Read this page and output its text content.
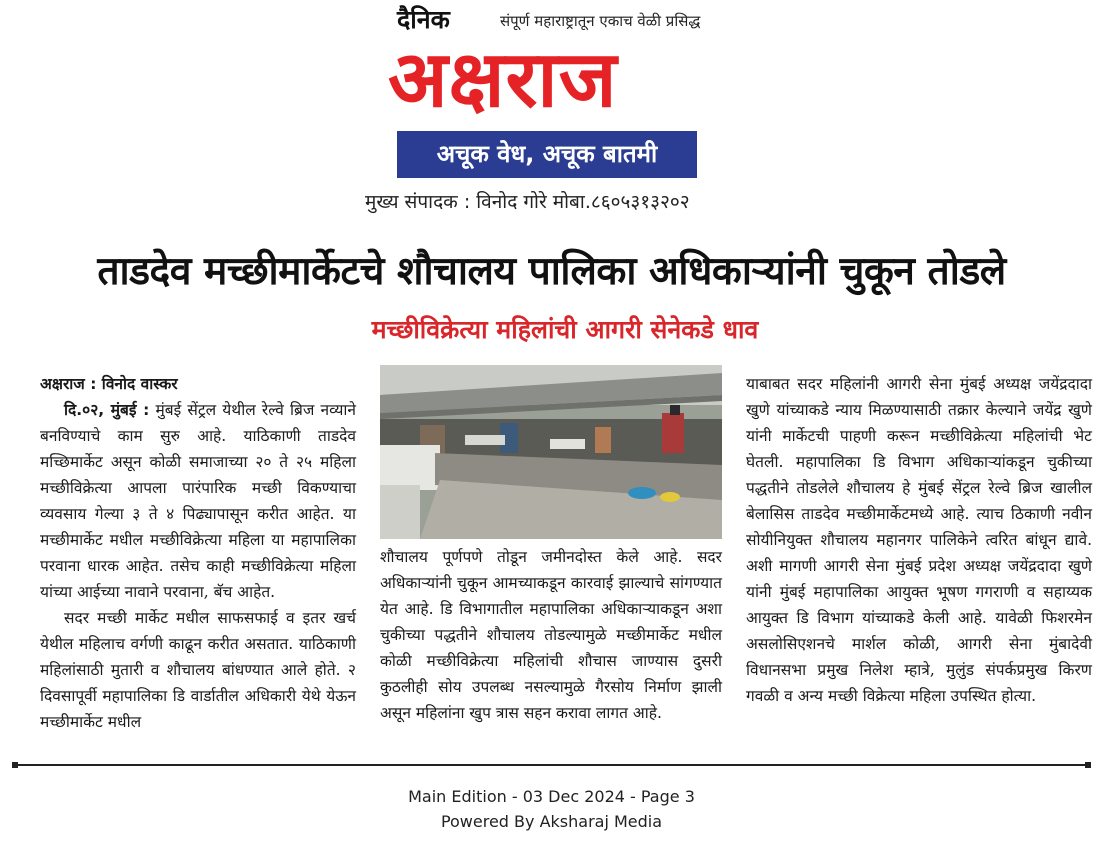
दैनिक	संपूर्ण महाराष्ट्रातून एकाच वेळी प्रसिद्ध
अक्षराज
अचूक वेध, अचूक बातमी
मुख्य संपादक : विनोद गोरे मोबा.८६०५३१३२०२
ताडदेव मच्छीमार्केटचे शौचालय पालिका अधिकाऱ्यांनी चुकून तोडले
मच्छीविक्रेत्या महिलांची आगरी सेनेकडे धाव

अक्षराज : विनोद वास्कर

दि.०२, मुंबई : मुंबई सेंट्रल येथील रेल्वे ब्रिज नव्याने बनविण्याचे काम सुरु आहे. याठिकाणी ताडदेव मच्छिमार्केट असून कोळी समाजाच्या २० ते २५ महिला मच्छीविक्रेत्या आपला पारंपारिक मच्छी विकण्याचा व्यवसाय गेल्या ३ ते ४ पिढ्यापासून करीत आहेत. या मच्छीमार्केट मधील मच्छीविक्रेत्या महिला या महापालिका परवाना धारक आहेत. तसेच काही मच्छीविक्रेत्या महिला यांच्या आईच्या नावाने परवाना, बॅच आहेत.

सदर मच्छी मार्केट मधील साफसफाई व इतर खर्च येथील महिलाच वर्गणी काढून करीत असतात. याठिकाणी महिलांसाठी मुतारी व शौचालय बांधण्यात आले होते. २ दिवसापूर्वी महापालिका डि वार्डातील अधिकारी येथे येऊन मच्छीमार्केट मधील

शौचालय पूर्णपणे तोडून जमीनदोस्त केले आहे. सदर अधिकाऱ्यांनी चुकून आमच्याकडून कारवाई झाल्याचे सांगण्यात येत आहे. डि विभागातील महापालिका अधिकाऱ्याकडून अशा चुकीच्या पद्धतीने शौचालय तोडल्यामुळे मच्छीमार्केट मधील कोळी मच्छीविक्रेत्या महिलांची शौचास जाण्यास दुसरी कुठलीही सोय उपलब्ध नसल्यामुळे गैरसोय निर्माण झाली असून महिलांना खुप त्रास सहन करावा लागत आहे.

याबाबत सदर महिलांनी आगरी सेना मुंबई अध्यक्ष जयेंद्रदादा खुणे यांच्याकडे न्याय मिळण्यासाठी तक्रार केल्याने जयेंद्र खुणे यांनी मार्केटची पाहणी करून मच्छीविक्रेत्या महिलांची भेट घेतली. महापालिका डि विभाग अधिकाऱ्यांकडून चुकीच्या पद्धतीने तोडलेले शौचालय हे मुंबई सेंट्रल रेल्वे ब्रिज खालील बेलासिस ताडदेव मच्छीमार्केटमध्ये आहे. त्याच ठिकाणी नवीन सोयीनियुक्त शौचालय महानगर पालिकेने त्वरित बांधून द्यावे. अशी मागणी आगरी सेना मुंबई प्रदेश अध्यक्ष जयेंद्रदादा खुणे यांनी मुंबई महापालिका आयुक्त भूषण गगराणी व सहाय्यक आयुक्त डि विभाग यांच्याकडे केली आहे. यावेळी फिशरमेन असलोसिएशनचे मार्शल कोळी, आगरी सेना मुंबादेवी विधानसभा प्रमुख निलेश म्हात्रे, मुलुंड संपर्कप्रमुख किरण गवळी व अन्य मच्छी विक्रेत्या महिला उपस्थित होत्या.

Main Edition - 03 Dec 2024 - Page 3
Powered By Aksharaj Media
